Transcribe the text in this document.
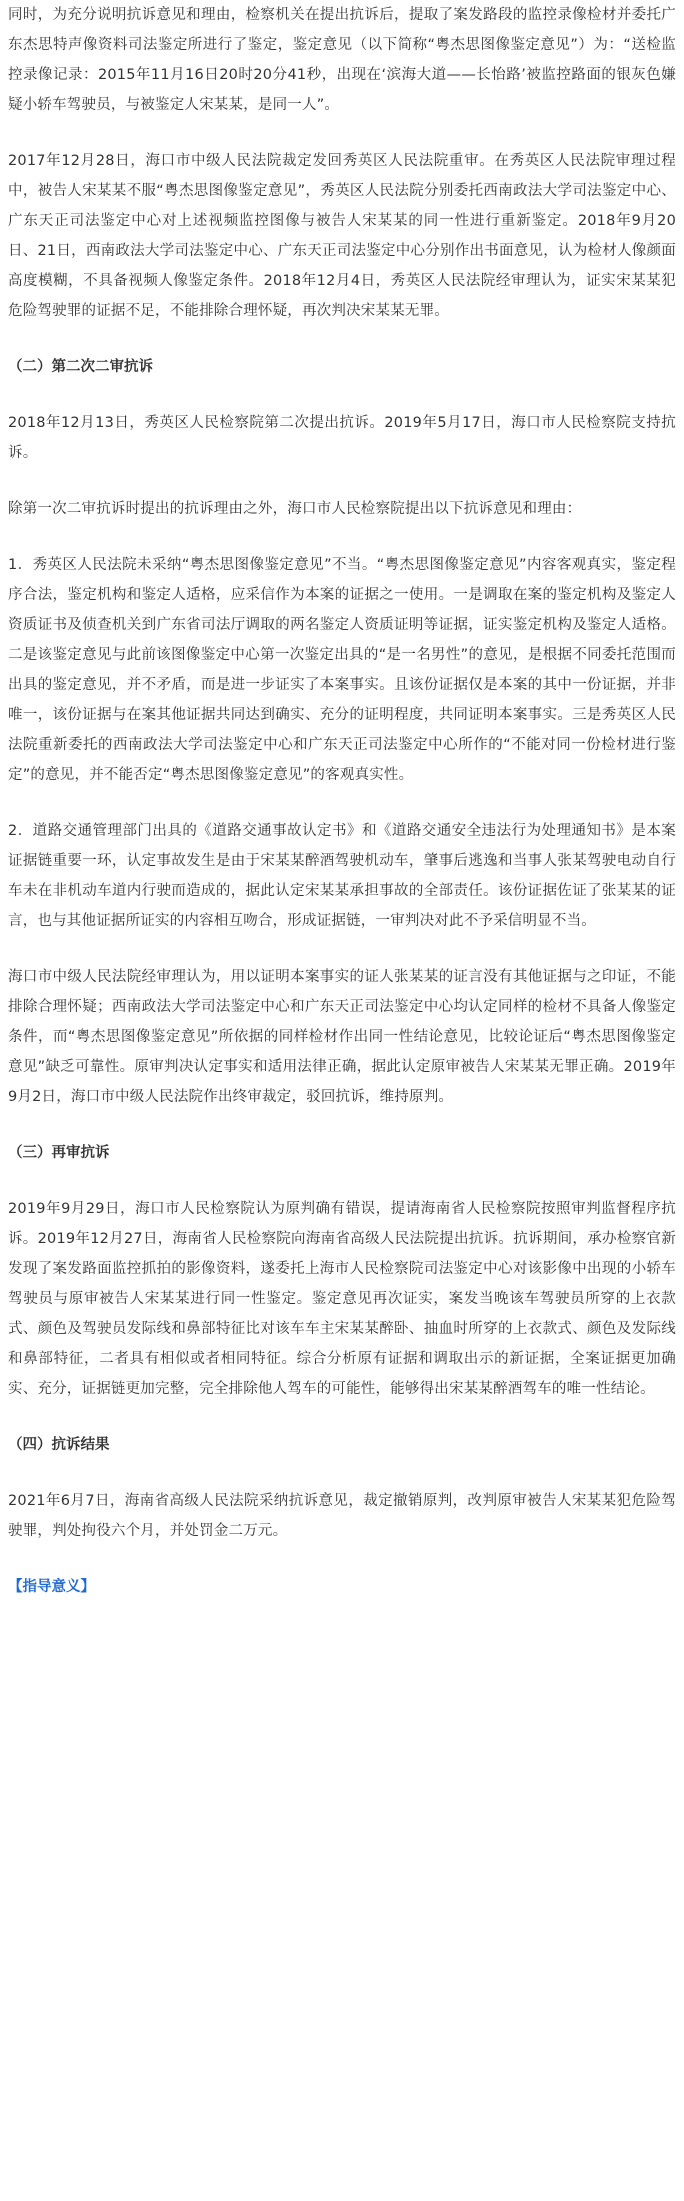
同时，为充分说明抗诉意见和理由，检察机关在提出抗诉后，提取了案发路段的监控录像检材并委托广东杰思特声像资料司法鉴定所进行了鉴定，鉴定意见（以下简称“粤杰思图像鉴定意见”）为：“送检监控录像记录：2015年11月16日20时20分41秒，出现在‘滨海大道——长怡路’被监控路面的银灰色嫌疑小轿车驾驶员，与被鉴定人宋某某，是同一人”。

2017年12月28日，海口市中级人民法院裁定发回秀英区人民法院重审。在秀英区人民法院审理过程中，被告人宋某某不服“粤杰思图像鉴定意见”，秀英区人民法院分别委托西南政法大学司法鉴定中心、广东天正司法鉴定中心对上述视频监控图像与被告人宋某某的同一性进行重新鉴定。2018年9月20日、21日，西南政法大学司法鉴定中心、广东天正司法鉴定中心分别作出书面意见，认为检材人像颜面高度模糊，不具备视频人像鉴定条件。2018年12月4日，秀英区人民法院经审理认为，证实宋某某犯危险驾驶罪的证据不足，不能排除合理怀疑，再次判决宋某某无罪。

（二）第二次二审抗诉

2018年12月13日，秀英区人民检察院第二次提出抗诉。2019年5月17日，海口市人民检察院支持抗诉。

除第一次二审抗诉时提出的抗诉理由之外，海口市人民检察院提出以下抗诉意见和理由：

1．秀英区人民法院未采纳“粤杰思图像鉴定意见”不当。“粤杰思图像鉴定意见”内容客观真实，鉴定程序合法，鉴定机构和鉴定人适格，应采信作为本案的证据之一使用。一是调取在案的鉴定机构及鉴定人资质证书及侦查机关到广东省司法厅调取的两名鉴定人资质证明等证据，证实鉴定机构及鉴定人适格。二是该鉴定意见与此前该图像鉴定中心第一次鉴定出具的“是一名男性”的意见，是根据不同委托范围而出具的鉴定意见，并不矛盾，而是进一步证实了本案事实。且该份证据仅是本案的其中一份证据，并非唯一，该份证据与在案其他证据共同达到确实、充分的证明程度，共同证明本案事实。三是秀英区人民法院重新委托的西南政法大学司法鉴定中心和广东天正司法鉴定中心所作的“不能对同一份检材进行鉴定”的意见，并不能否定“粤杰思图像鉴定意见”的客观真实性。

2．道路交通管理部门出具的《道路交通事故认定书》和《道路交通安全违法行为处理通知书》是本案证据链重要一环，认定事故发生是由于宋某某醉酒驾驶机动车，肇事后逃逸和当事人张某驾驶电动自行车未在非机动车道内行驶而造成的，据此认定宋某某承担事故的全部责任。该份证据佐证了张某某的证言，也与其他证据所证实的内容相互吻合，形成证据链，一审判决对此不予采信明显不当。

海口市中级人民法院经审理认为，用以证明本案事实的证人张某某的证言没有其他证据与之印证，不能排除合理怀疑；西南政法大学司法鉴定中心和广东天正司法鉴定中心均认定同样的检材不具备人像鉴定条件，而“粤杰思图像鉴定意见”所依据的同样检材作出同一性结论意见，比较论证后“粤杰思图像鉴定意见”缺乏可靠性。原审判决认定事实和适用法律正确，据此认定原审被告人宋某某无罪正确。2019年9月2日，海口市中级人民法院作出终审裁定，驳回抗诉，维持原判。

（三）再审抗诉

2019年9月29日，海口市人民检察院认为原判确有错误，提请海南省人民检察院按照审判监督程序抗诉。2019年12月27日，海南省人民检察院向海南省高级人民法院提出抗诉。抗诉期间，承办检察官新发现了案发路面监控抓拍的影像资料，遂委托上海市人民检察院司法鉴定中心对该影像中出现的小轿车驾驶员与原审被告人宋某某进行同一性鉴定。鉴定意见再次证实，案发当晚该车驾驶员所穿的上衣款式、颜色及驾驶员发际线和鼻部特征比对该车车主宋某某醉卧、抽血时所穿的上衣款式、颜色及发际线和鼻部特征，二者具有相似或者相同特征。综合分析原有证据和调取出示的新证据，全案证据更加确实、充分，证据链更加完整，完全排除他人驾车的可能性，能够得出宋某某醉酒驾车的唯一性结论。

（四）抗诉结果

2021年6月7日，海南省高级人民法院采纳抗诉意见，裁定撤销原判，改判原审被告人宋某某犯危险驾驶罪，判处拘役六个月，并处罚金二万元。

【指导意义】
